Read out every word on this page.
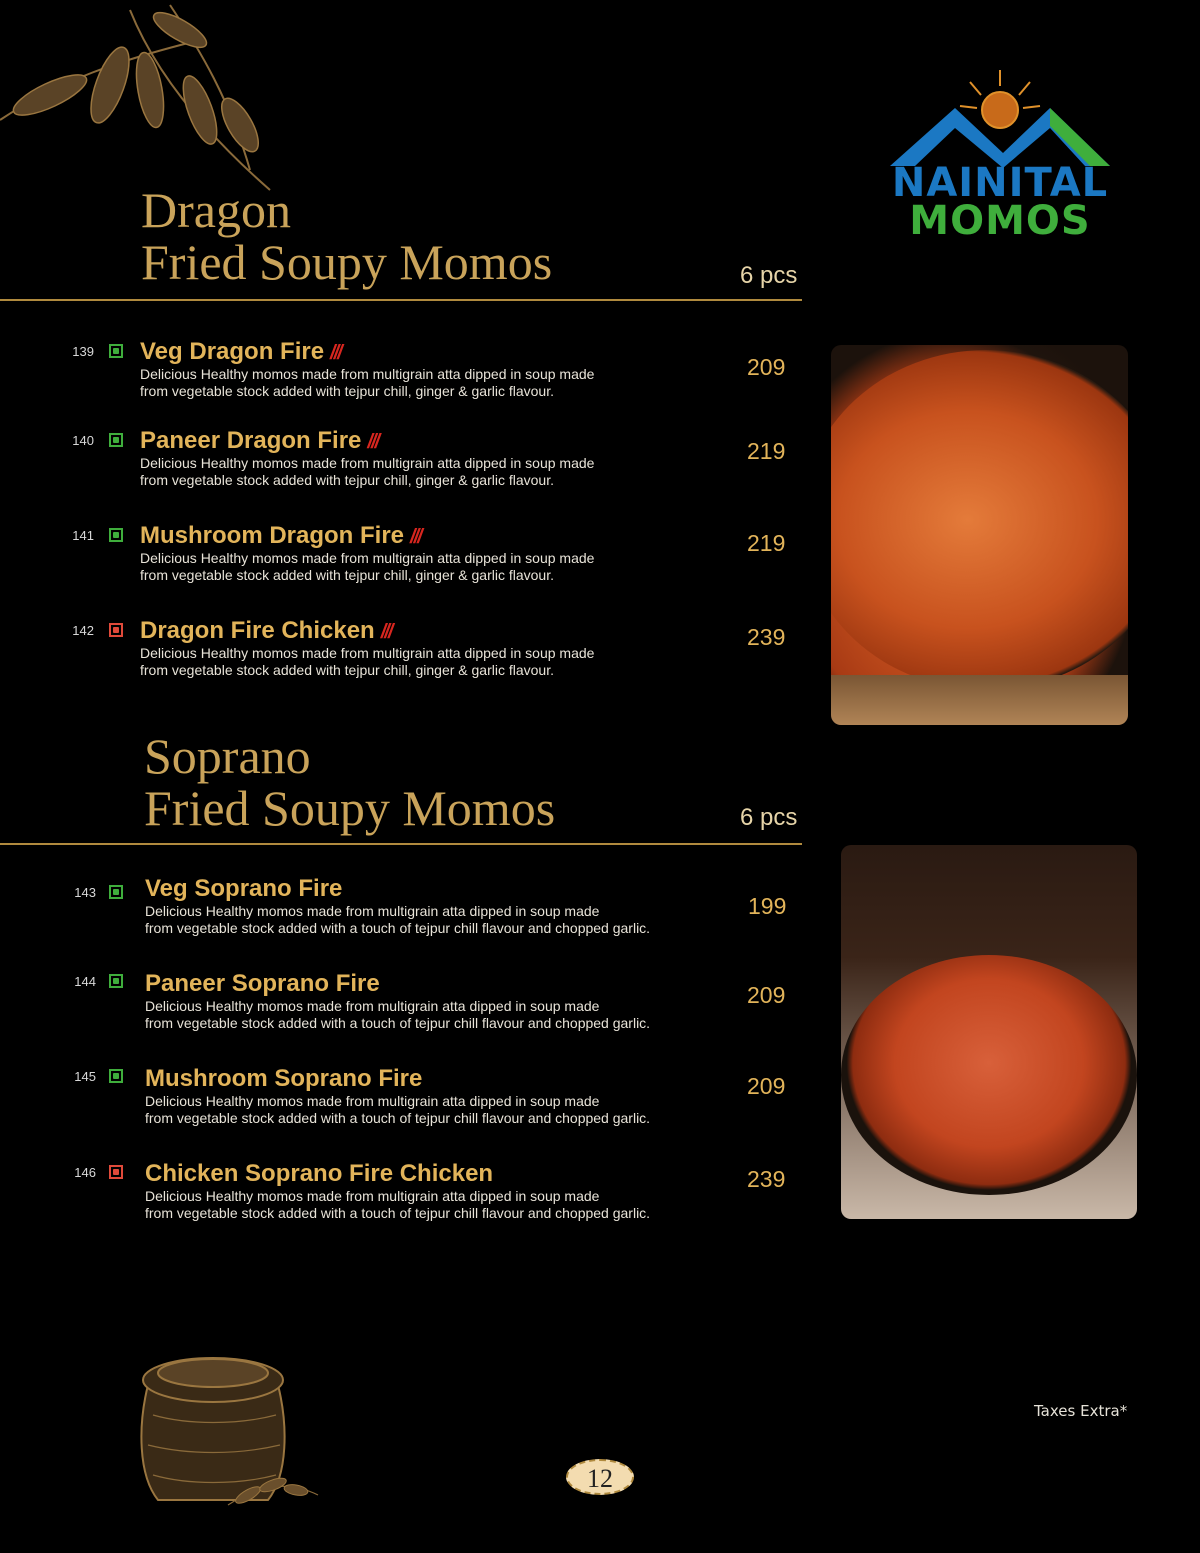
NAINITAL
MOMOS
Dragon
Fried Soupy Momos	6 pcs
139 Veg Dragon Fire ///
Delicious Healthy momos made from multigrain atta dipped in soup made
from vegetable stock added with tejpur chill, ginger & garlic flavour.
209
140 Paneer Dragon Fire ///
Delicious Healthy momos made from multigrain atta dipped in soup made
from vegetable stock added with tejpur chill, ginger & garlic flavour.
219
141 Mushroom Dragon Fire ///
Delicious Healthy momos made from multigrain atta dipped in soup made
from vegetable stock added with tejpur chill, ginger & garlic flavour.
219
142 Dragon Fire Chicken ///
Delicious Healthy momos made from multigrain atta dipped in soup made
from vegetable stock added with tejpur chill, ginger & garlic flavour.
239
Soprano
Fried Soupy Momos	6 pcs
143 Veg Soprano Fire
Delicious Healthy momos made from multigrain atta dipped in soup made
from vegetable stock added with a touch of tejpur chill flavour and chopped garlic.
199
144 Paneer Soprano Fire
Delicious Healthy momos made from multigrain atta dipped in soup made
from vegetable stock added with a touch of tejpur chill flavour and chopped garlic.
209
145 Mushroom Soprano Fire
Delicious Healthy momos made from multigrain atta dipped in soup made
from vegetable stock added with a touch of tejpur chill flavour and chopped garlic.
209
146 Chicken Soprano Fire Chicken
Delicious Healthy momos made from multigrain atta dipped in soup made
from vegetable stock added with a touch of tejpur chill flavour and chopped garlic.
239
Taxes Extra*
12
